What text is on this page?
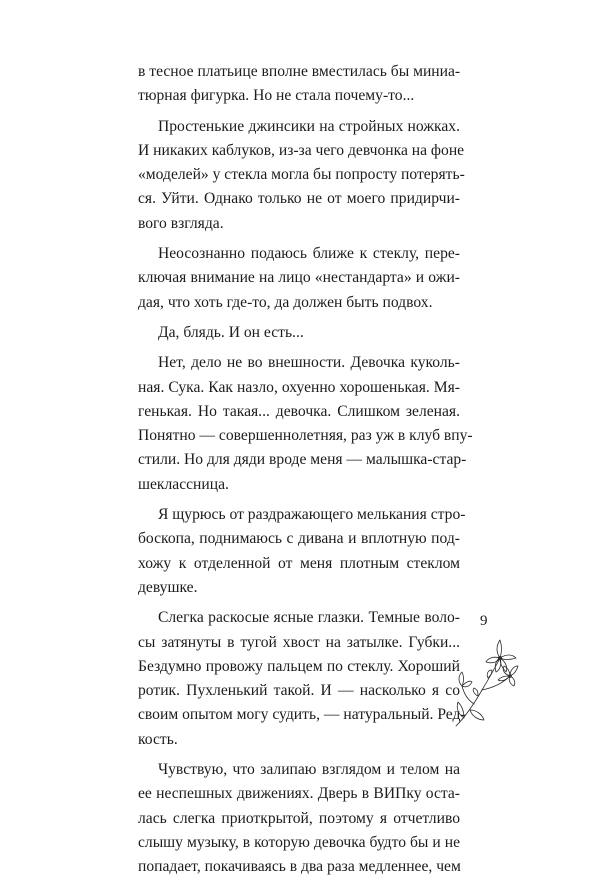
в тесное платьице вполне вместилась бы миниа-
тюрная фигурка. Но не стала почему-то...
Простенькие джинсики на стройных ножках.
И никаких каблуков, из-за чего девчонка на фоне
«моделей» у стекла могла бы попросту потерять-
ся. Уйти. Однако только не от моего придирчи-
вого взгляда.
Неосознанно подаюсь ближе к стеклу, пере-
ключая внимание на лицо «нестандарта» и ожи-
дая, что хоть где-то, да должен быть подвох.
Да, блядь. И он есть...
Нет, дело не во внешности. Девочка куколь-
ная. Сука. Как назло, охуенно хорошенькая. Мя-
генькая. Но такая... девочка. Слишком зеленая.
Понятно — совершеннолетняя, раз уж в клуб впу-
стили. Но для дяди вроде меня — малышка-стар-
шеклассница.
Я щурюсь от раздражающего мелькания стро-
боскопа, поднимаюсь с дивана и вплотную под-
хожу к отделенной от меня плотным стеклом
девушке.
Слегка раскосые ясные глазки. Темные воло-
сы затянуты в тугой хвост на затылке. Губки...
Бездумно провожу пальцем по стеклу. Хороший
ротик. Пухленький такой. И — насколько я со
своим опытом могу судить, — натуральный. Ред-
кость.
Чувствую, что залипаю взглядом и телом на
ее неспешных движениях. Дверь в ВИПку оста-
лась слегка приоткрытой, поэтому я отчетливо
слышу музыку, в которую девочка будто бы и не
попадает, покачиваясь в два раза медленнее, чем
9
